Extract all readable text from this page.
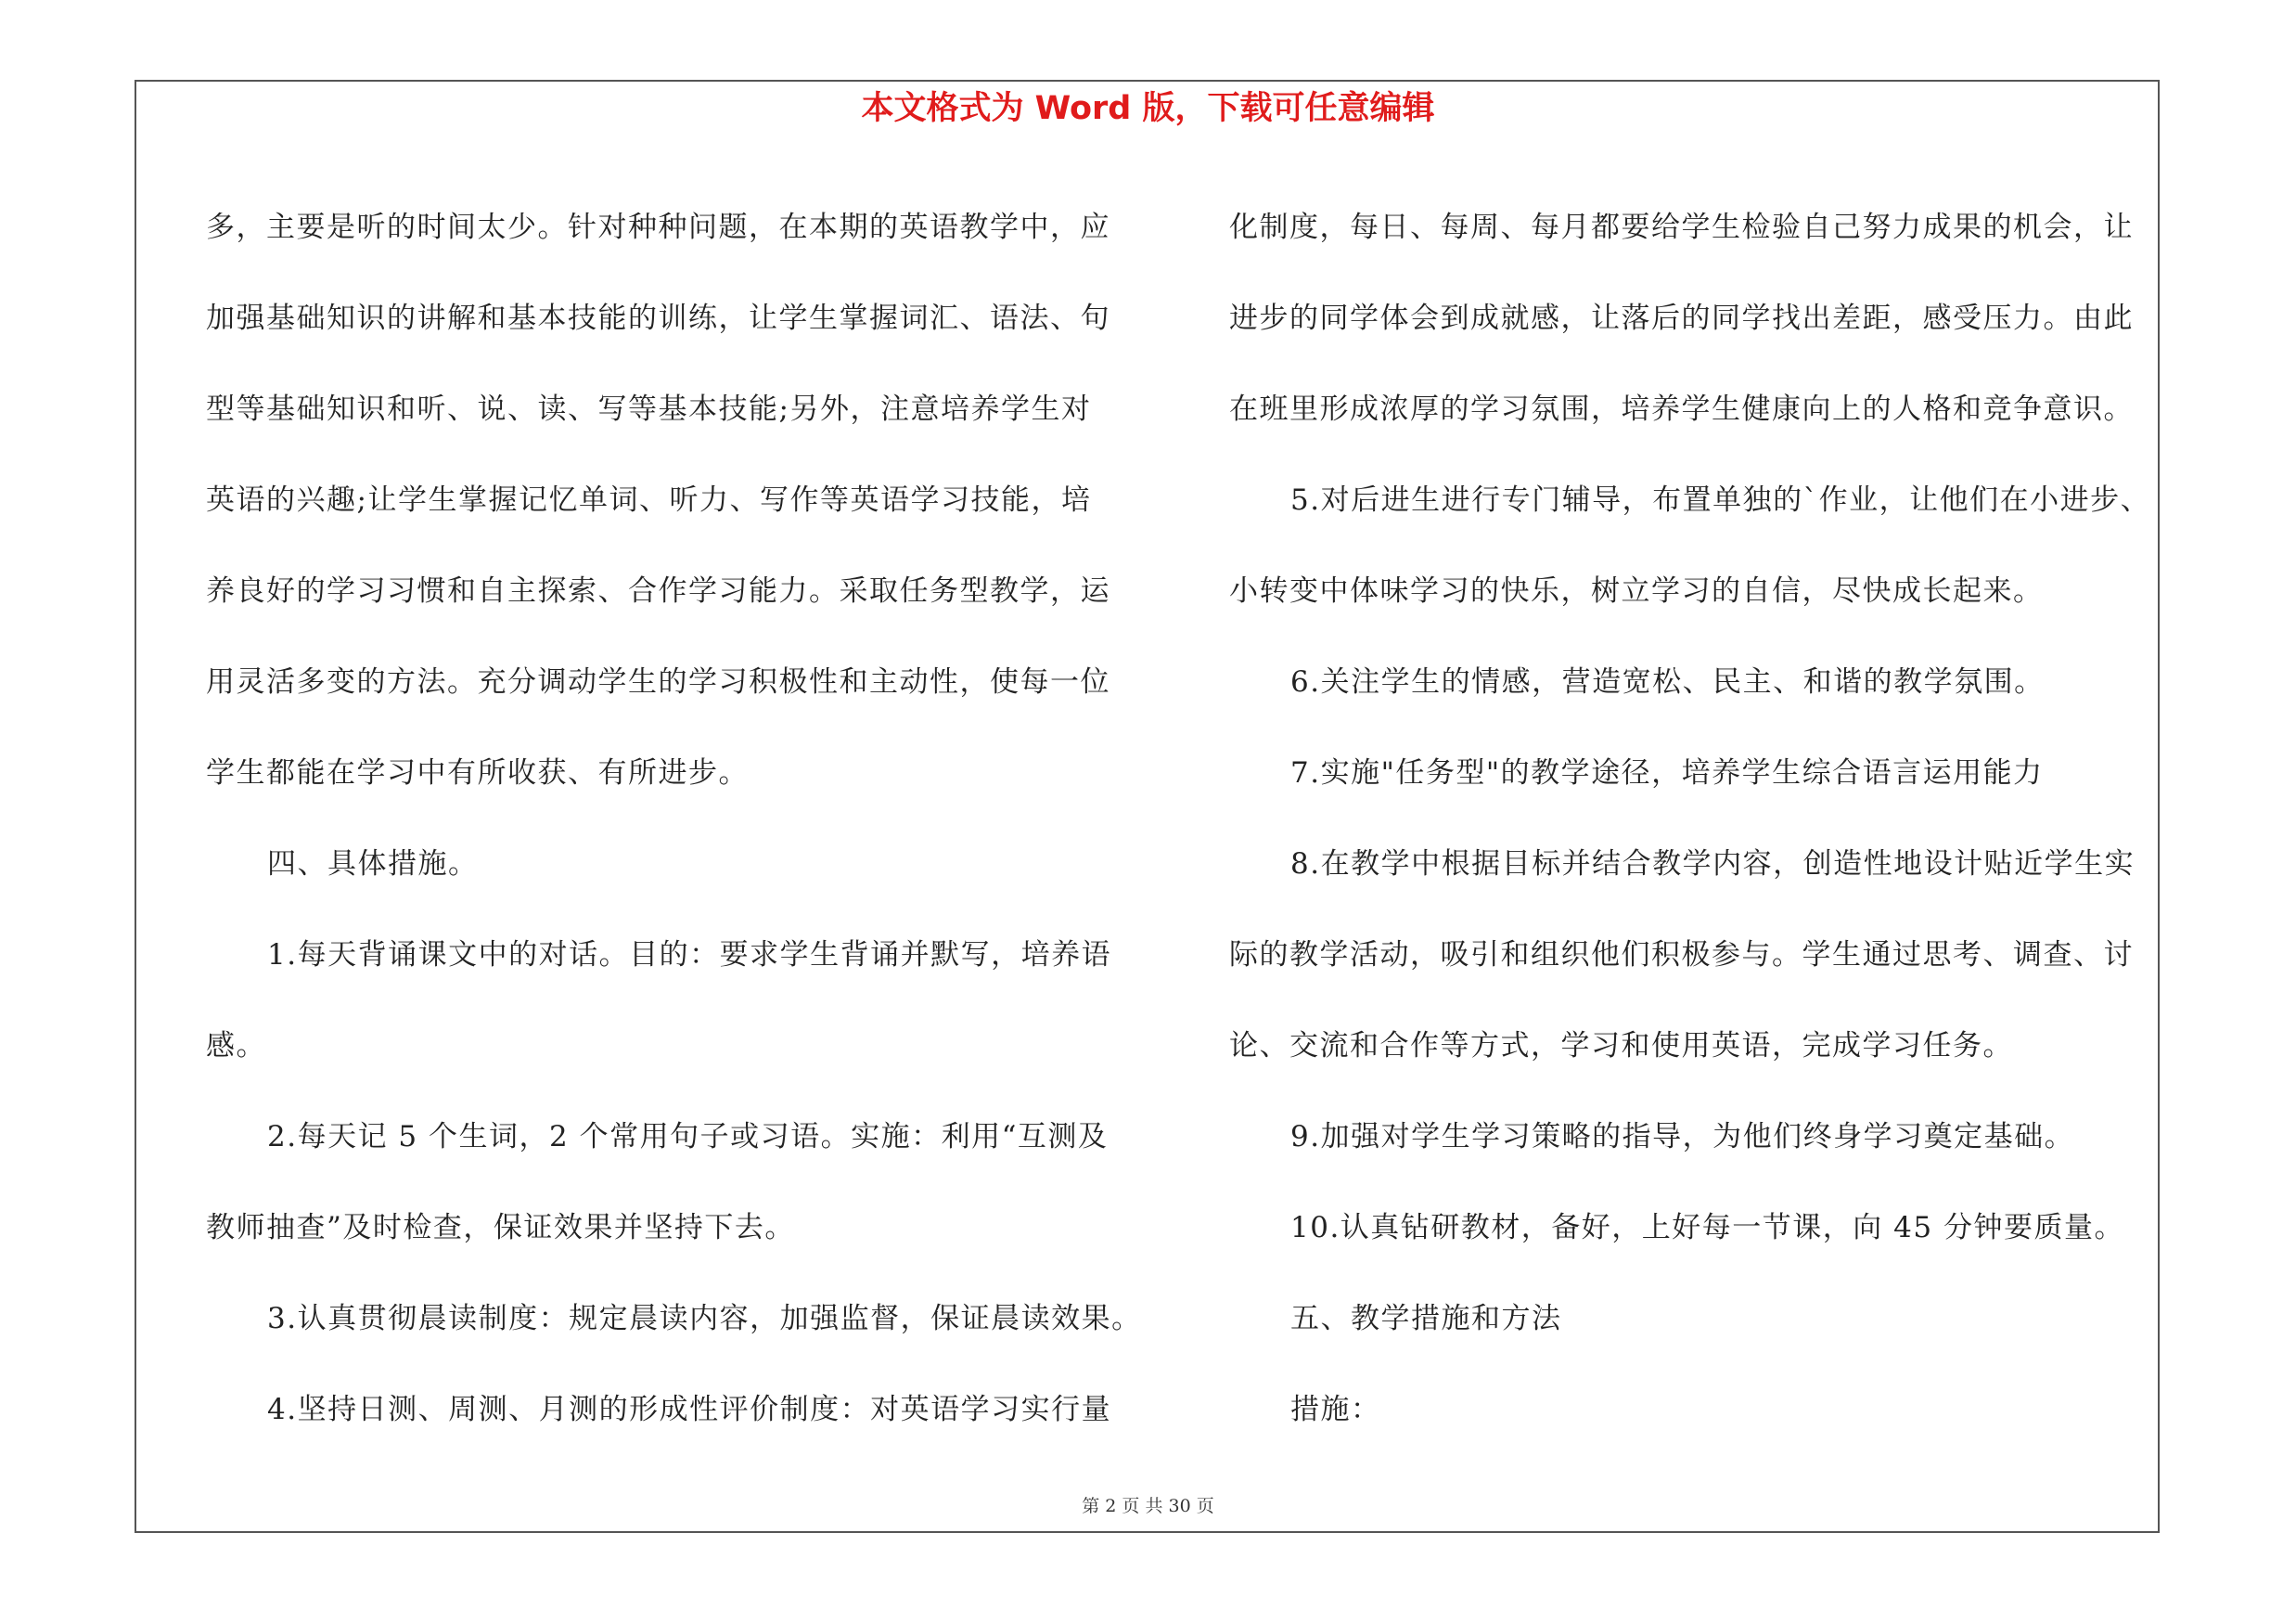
本文格式为 Word 版，下载可任意编辑
多，主要是听的时间太少。针对种种问题，在本期的英语教学中，应
加强基础知识的讲解和基本技能的训练，让学生掌握词汇、语法、句
型等基础知识和听、说、读、写等基本技能;另外，注意培养学生对
英语的兴趣;让学生掌握记忆单词、听力、写作等英语学习技能，培
养良好的学习习惯和自主探索、合作学习能力。采取任务型教学，运
用灵活多变的方法。充分调动学生的学习积极性和主动性，使每一位
学生都能在学习中有所收获、有所进步。
四、具体措施。
1.每天背诵课文中的对话。目的：要求学生背诵并默写，培养语
感。
2.每天记 5 个生词，2 个常用句子或习语。实施：利用“互测及
教师抽查”及时检查，保证效果并坚持下去。
3.认真贯彻晨读制度：规定晨读内容，加强监督，保证晨读效果。
4.坚持日测、周测、月测的形成性评价制度：对英语学习实行量
化制度，每日、每周、每月都要给学生检验自己努力成果的机会，让
进步的同学体会到成就感，让落后的同学找出差距，感受压力。由此
在班里形成浓厚的学习氛围，培养学生健康向上的人格和竞争意识。
5.对后进生进行专门辅导，布置单独的`作业，让他们在小进步、
小转变中体味学习的快乐，树立学习的自信，尽快成长起来。
6.关注学生的情感，营造宽松、民主、和谐的教学氛围。
7.实施"任务型"的教学途径，培养学生综合语言运用能力
8.在教学中根据目标并结合教学内容，创造性地设计贴近学生实
际的教学活动，吸引和组织他们积极参与。学生通过思考、调查、讨
论、交流和合作等方式，学习和使用英语，完成学习任务。
9.加强对学生学习策略的指导，为他们终身学习奠定基础。
10.认真钻研教材，备好，上好每一节课，向 45 分钟要质量。
五、教学措施和方法
措施：
第 2 页 共 30 页
